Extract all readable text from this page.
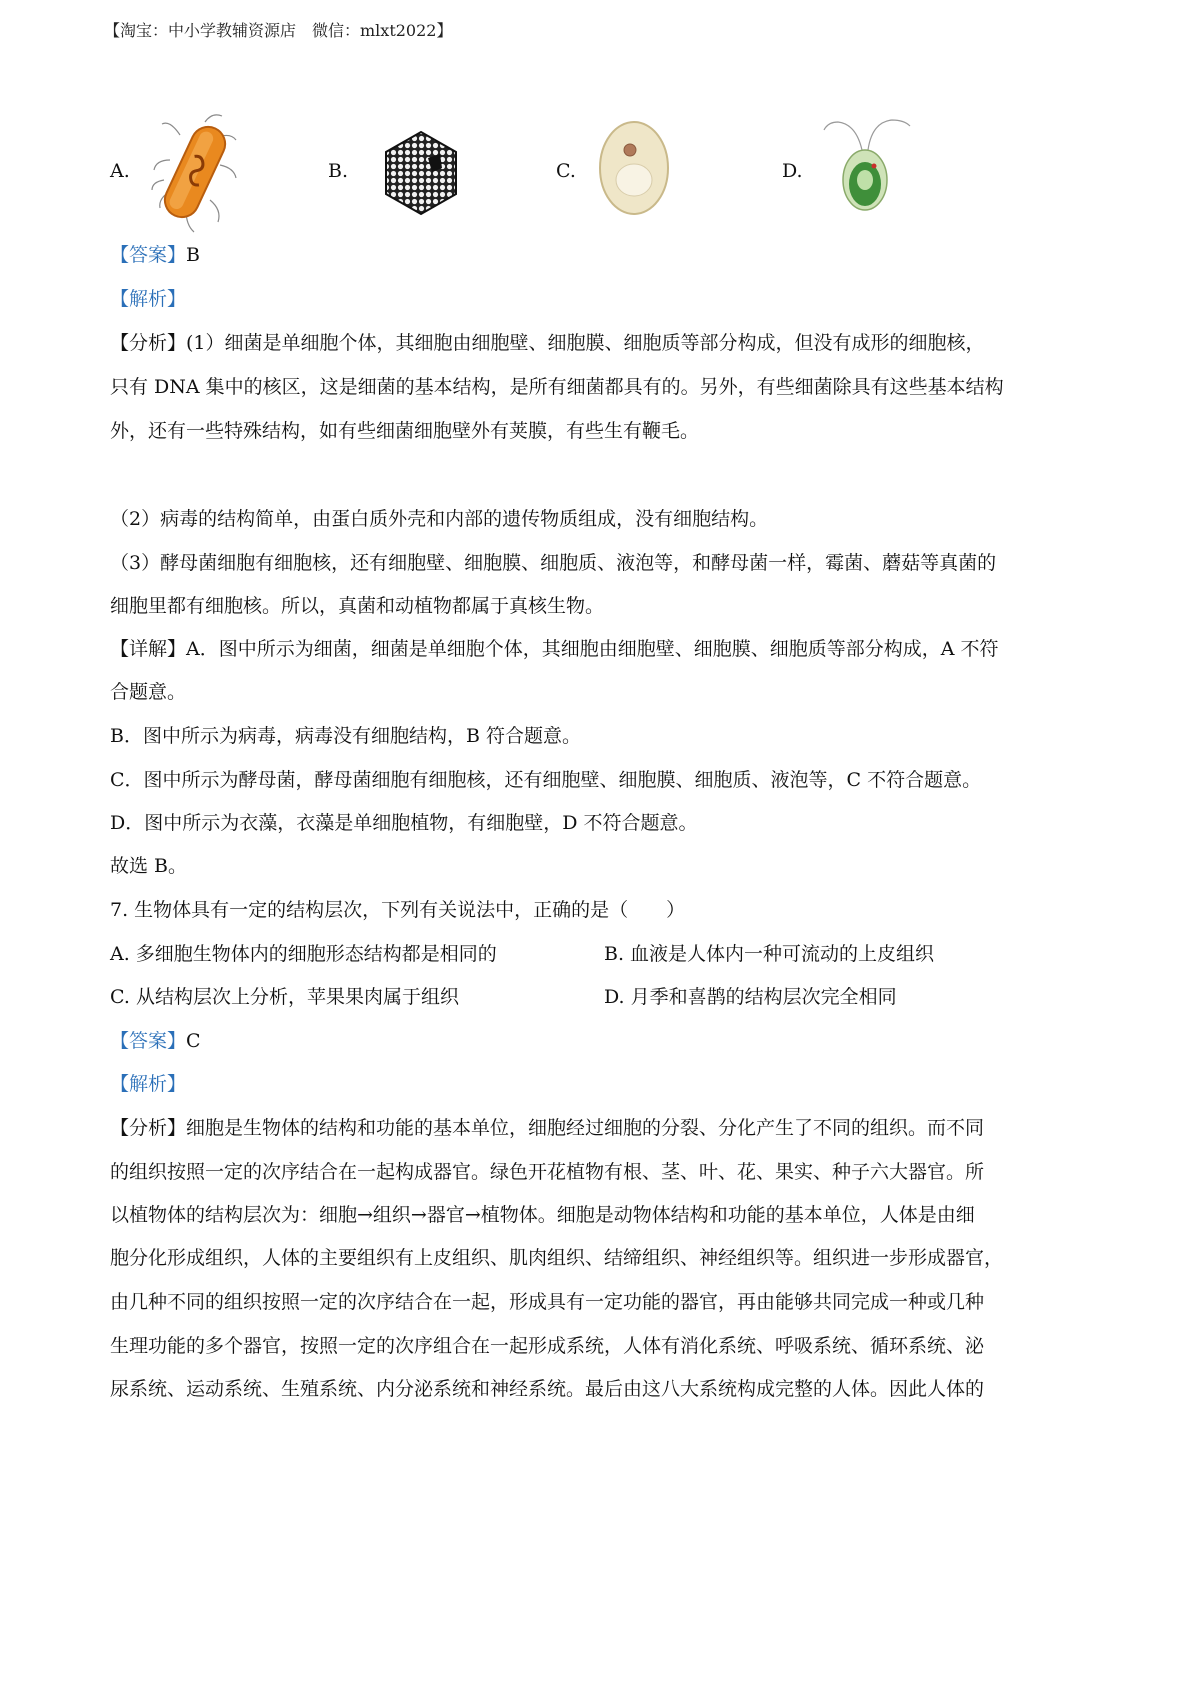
【淘宝：中小学教辅资源店　微信：mlxt2022】
A.	B.	C.	D.
【答案】B
【解析】
【分析】(1）细菌是单细胞个体，其细胞由细胞壁、细胞膜、细胞质等部分构成，但没有成形的细胞核，
只有 DNA 集中的核区，这是细菌的基本结构，是所有细菌都具有的。另外，有些细菌除具有这些基本结构
外，还有一些特殊结构，如有些细菌细胞壁外有荚膜，有些生有鞭毛。
（2）病毒的结构简单，由蛋白质外壳和内部的遗传物质组成，没有细胞结构。
（3）酵母菌细胞有细胞核，还有细胞壁、细胞膜、细胞质、液泡等，和酵母菌一样，霉菌、蘑菇等真菌的
细胞里都有细胞核。所以，真菌和动植物都属于真核生物。
【详解】A．图中所示为细菌，细菌是单细胞个体，其细胞由细胞壁、细胞膜、细胞质等部分构成，A 不符
合题意。
B．图中所示为病毒，病毒没有细胞结构，B 符合题意。
C．图中所示为酵母菌，酵母菌细胞有细胞核，还有细胞壁、细胞膜、细胞质、液泡等，C 不符合题意。
D．图中所示为衣藻，衣藻是单细胞植物，有细胞壁，D 不符合题意。
故选 B。
7. 生物体具有一定的结构层次，下列有关说法中，正确的是（　　）
A. 多细胞生物体内的细胞形态结构都是相同的	B. 血液是人体内一种可流动的上皮组织
C. 从结构层次上分析，苹果果肉属于组织	D. 月季和喜鹊的结构层次完全相同
【答案】C
【解析】
【分析】细胞是生物体的结构和功能的基本单位，细胞经过细胞的分裂、分化产生了不同的组织。而不同
的组织按照一定的次序结合在一起构成器官。绿色开花植物有根、茎、叶、花、果实、种子六大器官。所
以植物体的结构层次为：细胞→组织→器官→植物体。细胞是动物体结构和功能的基本单位，人体是由细
胞分化形成组织，人体的主要组织有上皮组织、肌肉组织、结缔组织、神经组织等。组织进一步形成器官，
由几种不同的组织按照一定的次序结合在一起，形成具有一定功能的器官，再由能够共同完成一种或几种
生理功能的多个器官，按照一定的次序组合在一起形成系统，人体有消化系统、呼吸系统、循环系统、泌
尿系统、运动系统、生殖系统、内分泌系统和神经系统。最后由这八大系统构成完整的人体。因此人体的
